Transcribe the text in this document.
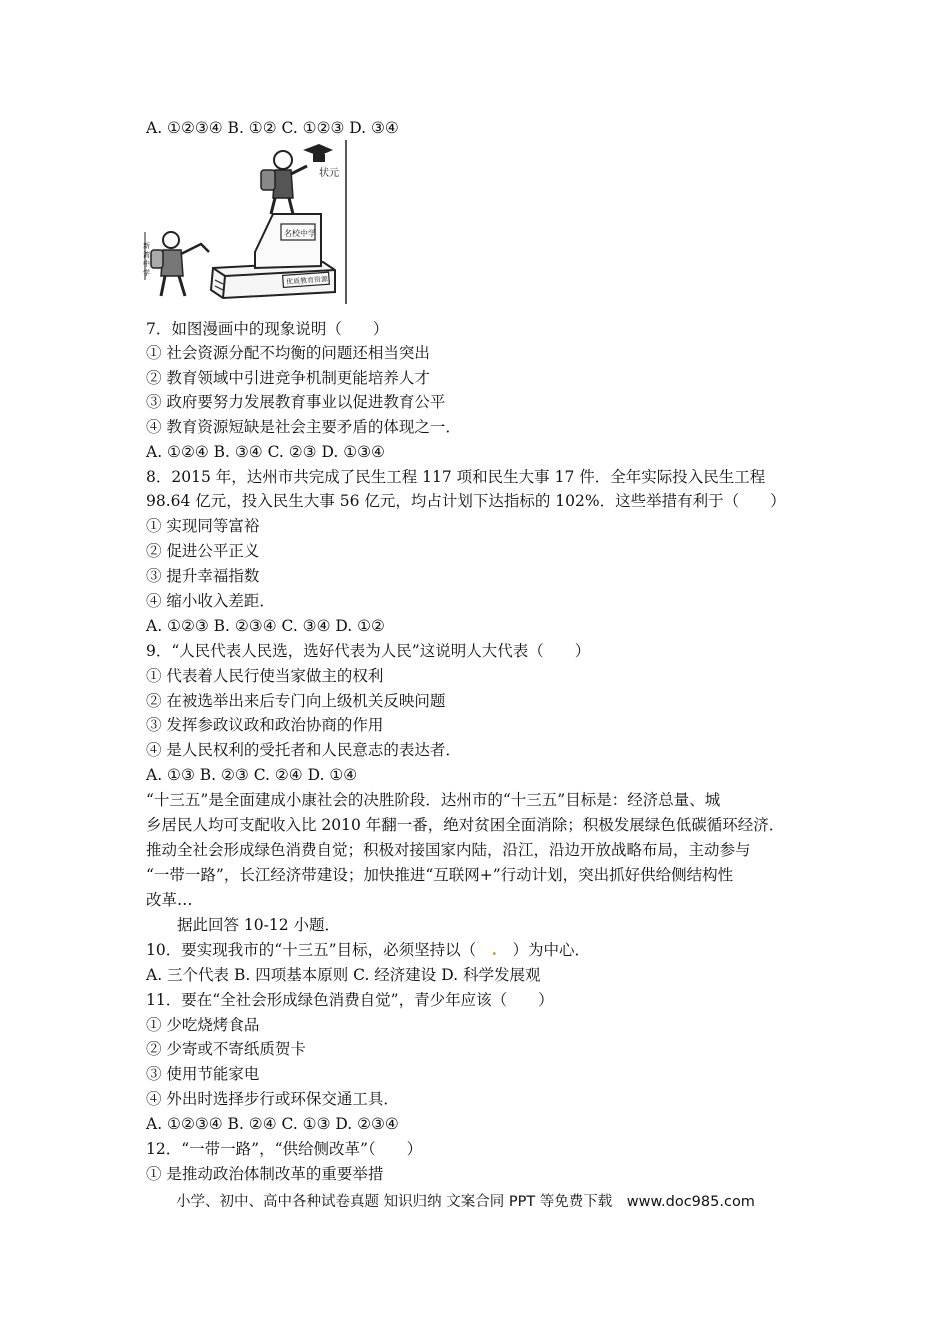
A. ①②③④ B. ①② C. ①②③ D. ③④
状元
新
湾
中
学
名校中学
优质教育资源
7．如图漫画中的现象说明（　　）
① 社会资源分配不均衡的问题还相当突出
② 教育领域中引进竞争机制更能培养人才
③ 政府要努力发展教育事业以促进教育公平
④ 教育资源短缺是社会主要矛盾的体现之一．
A. ①②④ B. ③④ C. ②③ D. ①③④
8．2015 年，达州市共完成了民生工程 117 项和民生大事 17 件．全年实际投入民生工程
98.64 亿元，投入民生大事 56 亿元，均占计划下达指标的 102%．这些举措有利于（　　）
① 实现同等富裕
② 促进公平正义
③ 提升幸福指数
④ 缩小收入差距．
A. ①②③ B. ②③④ C. ③④ D. ①②
9．“人民代表人民选，选好代表为人民”这说明人大代表（　　）
① 代表着人民行使当家做主的权利
② 在被选举出来后专门向上级机关反映问题
③ 发挥参政议政和政治协商的作用
④ 是人民权利的受托者和人民意志的表达者．
A. ①③ B. ②③ C. ②④ D. ①④
“十三五”是全面建成小康社会的决胜阶段．达州市的“十三五”目标是：经济总量、城
乡居民人均可支配收入比 2010 年翻一番，绝对贫困全面消除；积极发展绿色低碳循环经济．
推动全社会形成绿色消费自觉；积极对接国家内陆，沿江，沿边开放战略布局，主动参与
“一带一路”，长江经济带建设；加快推进“互联网+”行动计划，突出抓好供给侧结构性
改革…
　　据此回答 10-12 小题．
10．要实现我市的“十三五”目标，必须坚持以（　.　）为中心．
A. 三个代表 B. 四项基本原则 C. 经济建设 D. 科学发展观
11．要在“全社会形成绿色消费自觉”，青少年应该（　　）
① 少吃烧烤食品
② 少寄或不寄纸质贺卡
③ 使用节能家电
④ 外出时选择步行或环保交通工具．
A. ①②③④ B. ②④ C. ①③ D. ②③④
12．“一带一路”，“供给侧改革”（　　）
① 是推动政治体制改革的重要举措
小学、初中、高中各种试卷真题 知识归纳 文案合同 PPT 等免费下载　www.doc985.com
